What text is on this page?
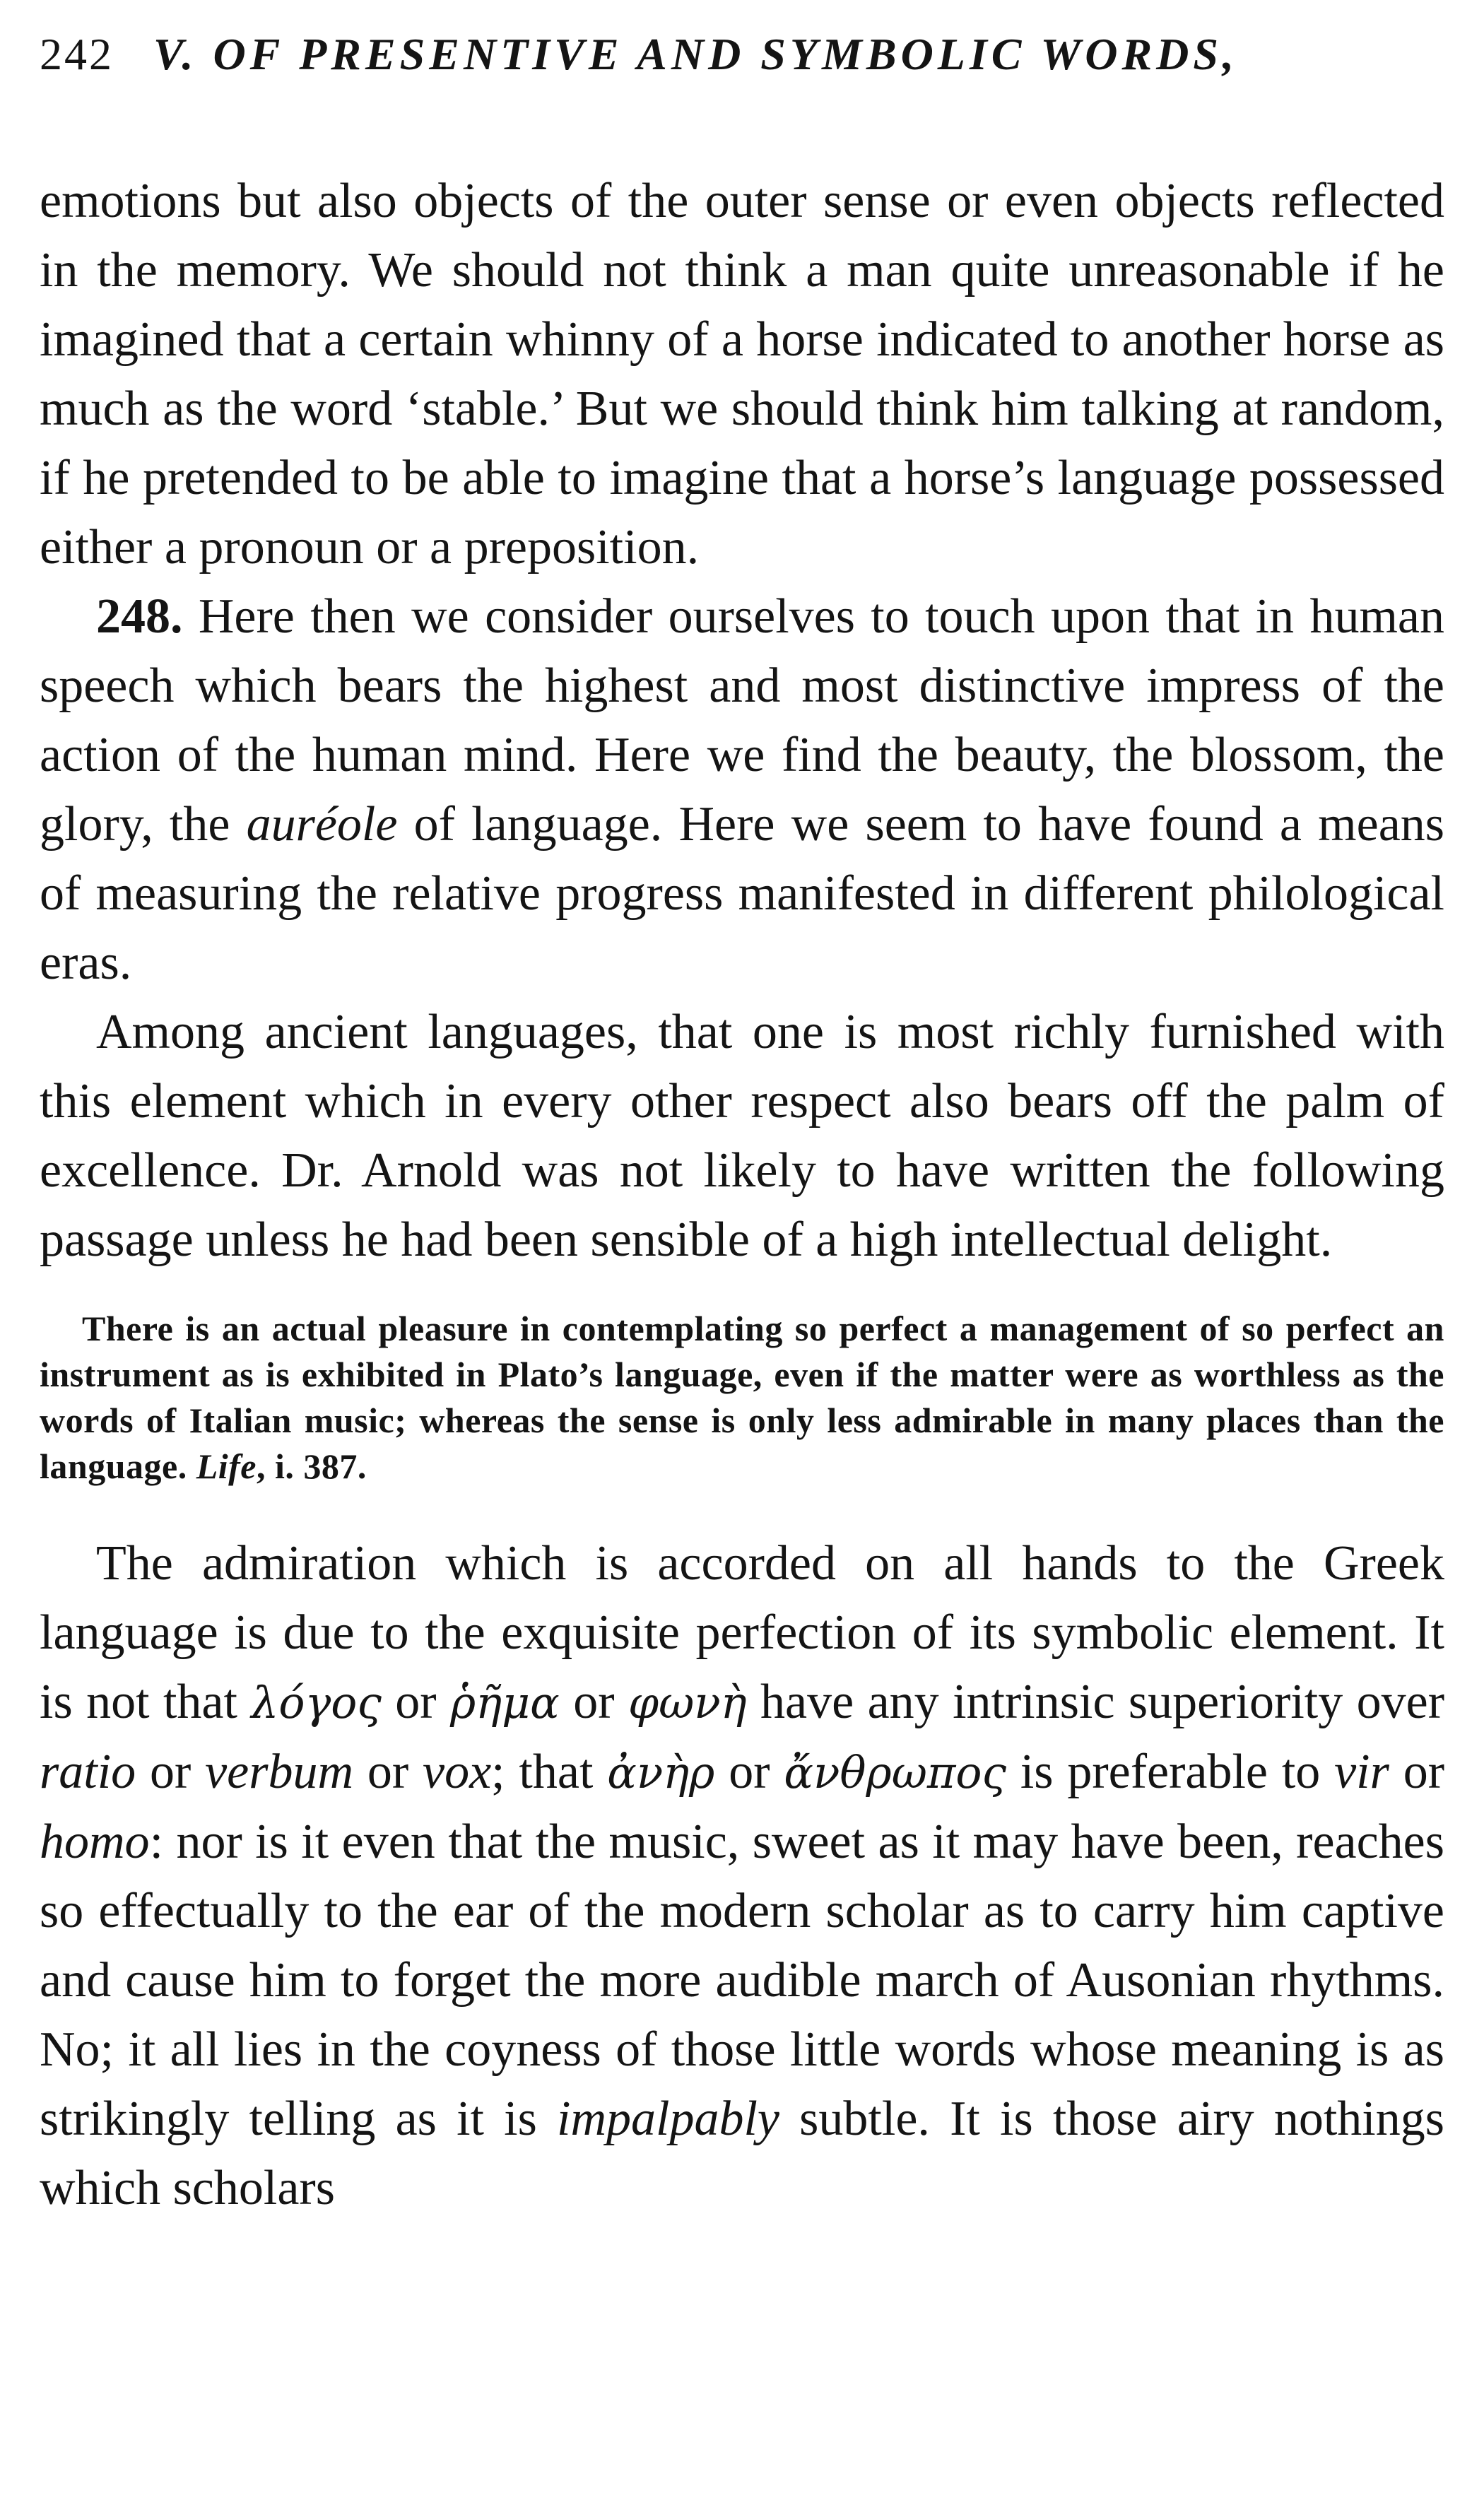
242 V. OF PRESENTIVE AND SYMBOLIC WORDS,

emotions but also objects of the outer sense or even objects reflected in the memory. We should not think a man quite unreasonable if he imagined that a certain whinny of a horse indicated to another horse as much as the word ‘stable.’ But we should think him talking at random, if he pretended to be able to imagine that a horse’s language possessed either a pronoun or a preposition.

248. Here then we consider ourselves to touch upon that in human speech which bears the highest and most distinctive impress of the action of the human mind. Here we find the beauty, the blossom, the glory, the auréole of language. Here we seem to have found a means of measuring the relative progress manifested in different philological eras.

Among ancient languages, that one is most richly furnished with this element which in every other respect also bears off the palm of excellence. Dr. Arnold was not likely to have written the following passage unless he had been sensible of a high intellectual delight.

There is an actual pleasure in contemplating so perfect a management of so perfect an instrument as is exhibited in Plato’s language, even if the matter were as worthless as the words of Italian music; whereas the sense is only less admirable in many places than the language. Life, i. 387.

The admiration which is accorded on all hands to the Greek language is due to the exquisite perfection of its symbolic element. It is not that λόγος or ῥῆμα or φωνὴ have any intrinsic superiority over ratio or verbum or vox; that ἀνὴρ or ἄνθρωπος is preferable to vir or homo: nor is it even that the music, sweet as it may have been, reaches so effectually to the ear of the modern scholar as to carry him captive and cause him to forget the more audible march of Ausonian rhythms. No; it all lies in the coyness of those little words whose meaning is as strikingly telling as it is impalpably subtle. It is those airy nothings which scholars
